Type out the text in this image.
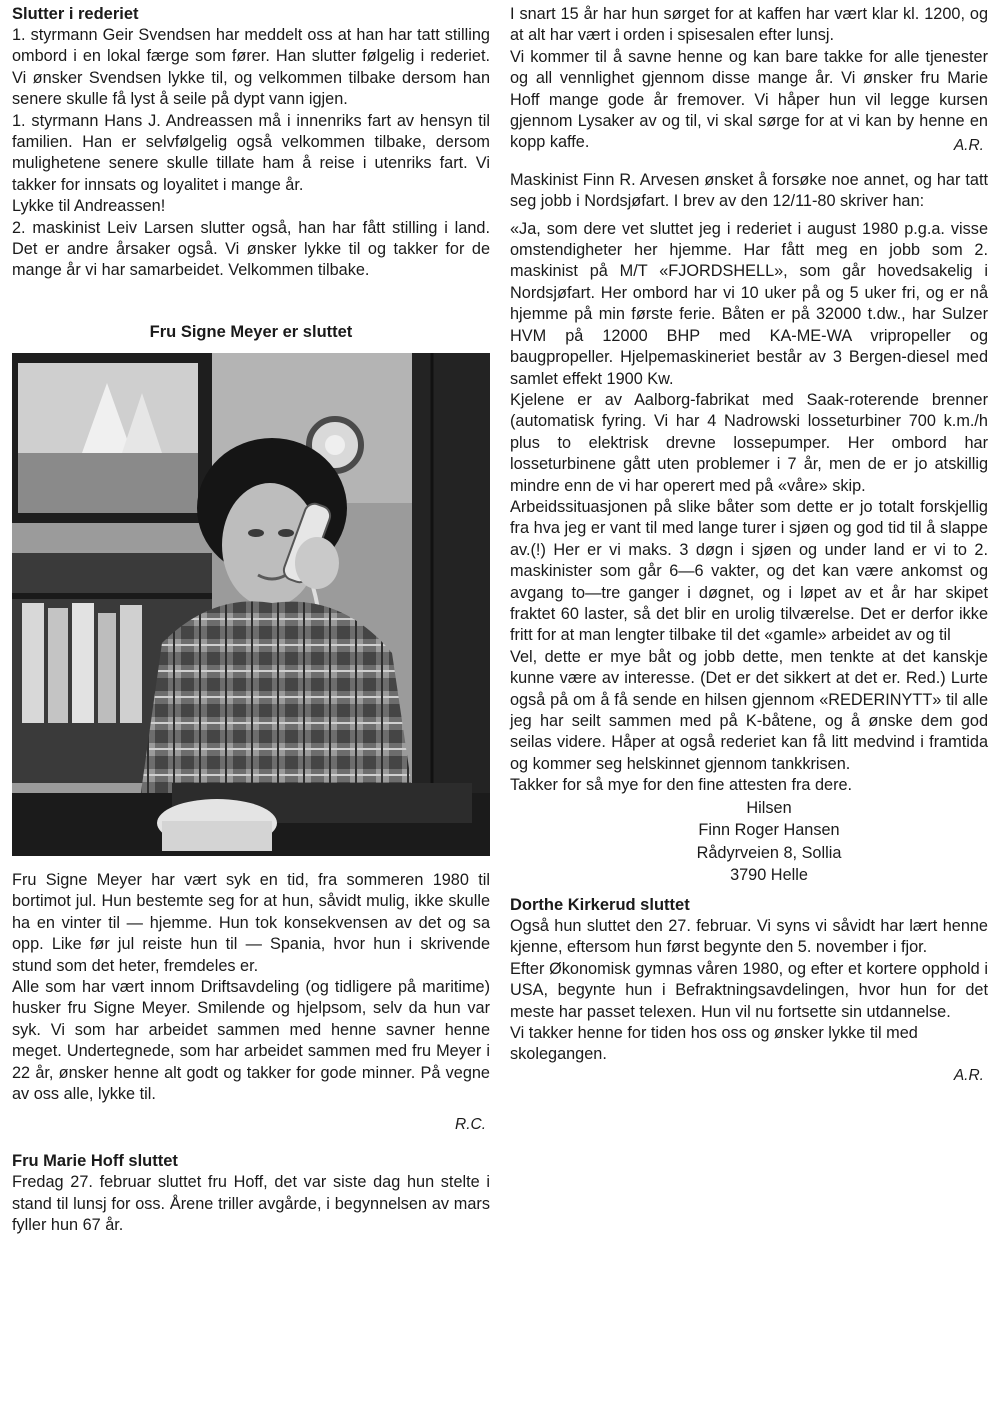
Slutter i rederiet

1. styrmann Geir Svendsen har meddelt oss at han har tatt stilling ombord i en lokal færge som fører. Han slutter følgelig i rederiet. Vi ønsker Svendsen lykke til, og velkommen tilbake dersom han senere skulle få lyst å seile på dypt vann igjen.

1. styrmann Hans J. Andreassen må i innenriks fart av hensyn til familien. Han er selvfølgelig også velkommen tilbake, dersom mulighetene senere skulle tillate ham å reise i utenriks fart. Vi takker for innsats og loyalitet i mange år.

Lykke til Andreassen!

2. maskinist Leiv Larsen slutter også, han har fått stilling i land. Det er andre årsaker også. Vi ønsker lykke til og takker for de mange år vi har samarbeidet. Velkommen tilbake.

Fru Signe Meyer er sluttet

Fru Signe Meyer har vært syk en tid, fra sommeren 1980 til bortimot jul. Hun bestemte seg for at hun, såvidt mulig, ikke skulle ha en vinter til — hjemme. Hun tok konsekvensen av det og sa opp. Like før jul reiste hun til — Spania, hvor hun i skrivende stund som det heter, fremdeles er.

Alle som har vært innom Driftsavdeling (og tidligere på maritime) husker fru Signe Meyer. Smilende og hjelpsom, selv da hun var syk. Vi som har arbeidet sammen med henne savner henne meget. Undertegnede, som har arbeidet sammen med fru Meyer i 22 år, ønsker henne alt godt og takker for gode minner. På vegne av oss alle, lykke til.

R.C.

Fru Marie Hoff sluttet

Fredag 27. februar sluttet fru Hoff, det var siste dag hun stelte i stand til lunsj for oss. Årene triller avgårde, i begynnelsen av mars fyller hun 67 år.

I snart 15 år har hun sørget for at kaffen har vært klar kl. 1200, og at alt har vært i orden i spisesalen efter lunsj.

Vi kommer til å savne henne og kan bare takke for alle tjenester og all vennlighet gjennom disse mange år. Vi ønsker fru Marie Hoff mange gode år fremover. Vi håper hun vil legge kursen gjennom Lysaker av og til, vi skal sørge for at vi kan by henne en kopp kaffe.	A.R.

Maskinist Finn R. Arvesen ønsket å forsøke noe annet, og har tatt seg jobb i Nordsjøfart. I brev av den 12/11-80 skriver han:

«Ja, som dere vet sluttet jeg i rederiet i august 1980 p.g.a. visse omstendigheter her hjemme. Har fått meg en jobb som 2. maskinist på M/T «FJORDSHELL», som går hovedsakelig i Nordsjøfart. Her ombord har vi 10 uker på og 5 uker fri, og er nå hjemme på min første ferie. Båten er på 32000 t.dw., har Sulzer HVM på 12000 BHP med KA-ME-WA vripropeller og baugpropeller. Hjelpemaskineriet består av 3 Bergen-diesel med samlet effekt 1900 Kw.

Kjelene er av Aalborg-fabrikat med Saak-roterende brenner (automatisk fyring. Vi har 4 Nadrowski losseturbiner 700 k.m./h plus to elektrisk drevne lossepumper. Her ombord har losseturbinene gått uten problemer i 7 år, men de er jo atskillig mindre enn de vi har operert med på «våre» skip.

Arbeidssituasjonen på slike båter som dette er jo totalt forskjellig fra hva jeg er vant til med lange turer i sjøen og god tid til å slappe av.(!) Her er vi maks. 3 døgn i sjøen og under land er vi to 2. maskinister som går 6—6 vakter, og det kan være ankomst og avgang to—tre ganger i døgnet, og i løpet av et år har skipet fraktet 60 laster, så det blir en urolig tilværelse. Det er derfor ikke fritt for at man lengter tilbake til det «gamle» arbeidet av og til

Vel, dette er mye båt og jobb dette, men tenkte at det kanskje kunne være av interesse. (Det er det sikkert at det er. Red.) Lurte også på om å få sende en hilsen gjennom «REDERINYTT» til alle jeg har seilt sammen med på K-båtene, og å ønske dem god seilas videre. Håper at også rederiet kan få litt medvind i framtida og kommer seg helskinnet gjennom tankkrisen.

Takker for så mye for den fine attesten fra dere.

Hilsen

Finn Roger Hansen

Rådyrveien 8, Sollia

3790 Helle

Dorthe Kirkerud sluttet

Også hun sluttet den 27. februar. Vi syns vi såvidt har lært henne kjenne, eftersom hun først begynte den 5. november i fjor.

Efter Økonomisk gymnas våren 1980, og efter et kortere opphold i USA, begynte hun i Befraktningsavdelingen, hvor hun for det meste har passet telexen. Hun vil nu fortsette sin utdannelse.

Vi takker henne for tiden hos oss og ønsker lykke til med skolegangen.

A.R.
